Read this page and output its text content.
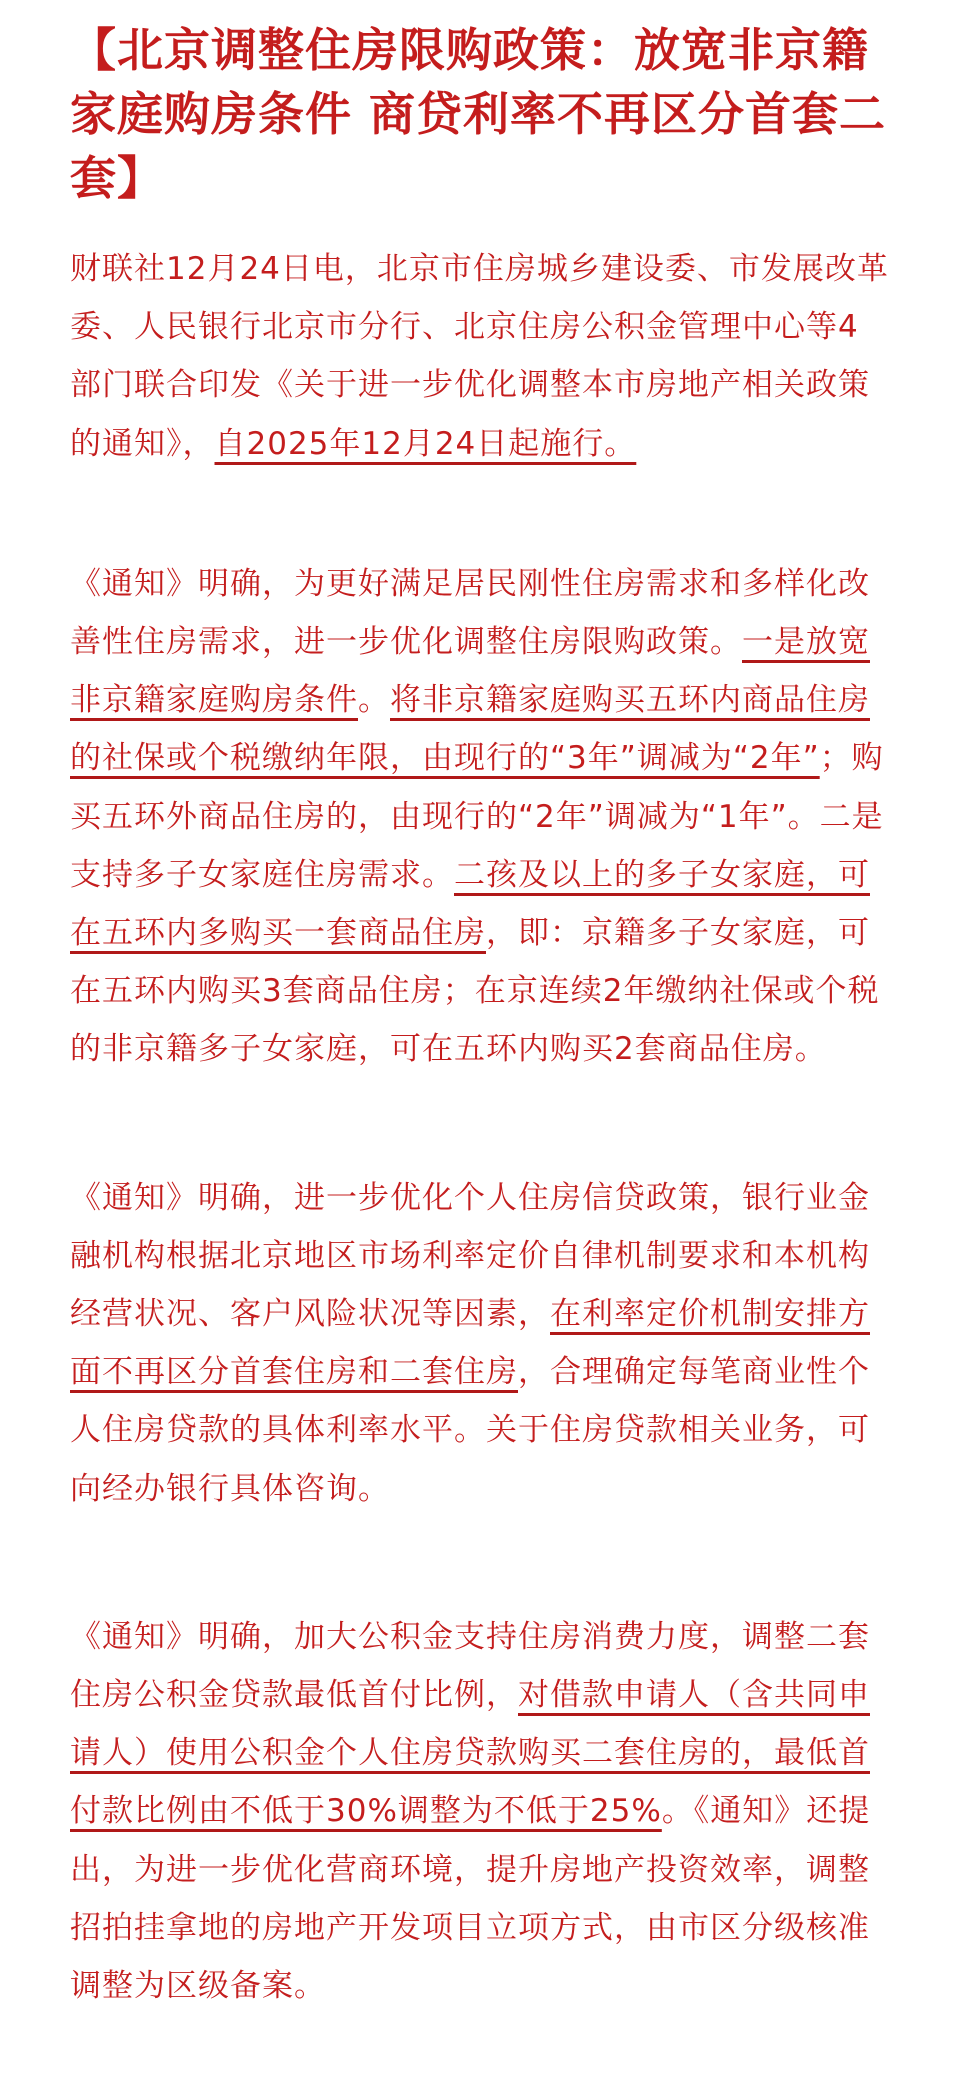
【北京调整住房限购政策：放宽非京籍家庭购房条件 商贷利率不再区分首套二套】

财联社12月24日电，北京市住房城乡建设委、市发展改革委、人民银行北京市分行、北京住房公积金管理中心等4部门联合印发《关于进一步优化调整本市房地产相关政策的通知》，自2025年12月24日起施行。

《通知》明确，为更好满足居民刚性住房需求和多样化改善性住房需求，进一步优化调整住房限购政策。一是放宽非京籍家庭购房条件。将非京籍家庭购买五环内商品住房的社保或个税缴纳年限，由现行的“3年”调减为“2年”；购买五环外商品住房的，由现行的“2年”调减为“1年”。二是支持多子女家庭住房需求。二孩及以上的多子女家庭，可在五环内多购买一套商品住房，即：京籍多子女家庭，可在五环内购买3套商品住房；在京连续2年缴纳社保或个税的非京籍多子女家庭，可在五环内购买2套商品住房。

《通知》明确，进一步优化个人住房信贷政策，银行业金融机构根据北京地区市场利率定价自律机制要求和本机构经营状况、客户风险状况等因素，在利率定价机制安排方面不再区分首套住房和二套住房，合理确定每笔商业性个人住房贷款的具体利率水平。关于住房贷款相关业务，可向经办银行具体咨询。

《通知》明确，加大公积金支持住房消费力度，调整二套住房公积金贷款最低首付比例，对借款申请人（含共同申请人）使用公积金个人住房贷款购买二套住房的，最低首付款比例由不低于30%调整为不低于25%。《通知》还提出，为进一步优化营商环境，提升房地产投资效率，调整招拍挂拿地的房地产开发项目立项方式，由市区分级核准调整为区级备案。
